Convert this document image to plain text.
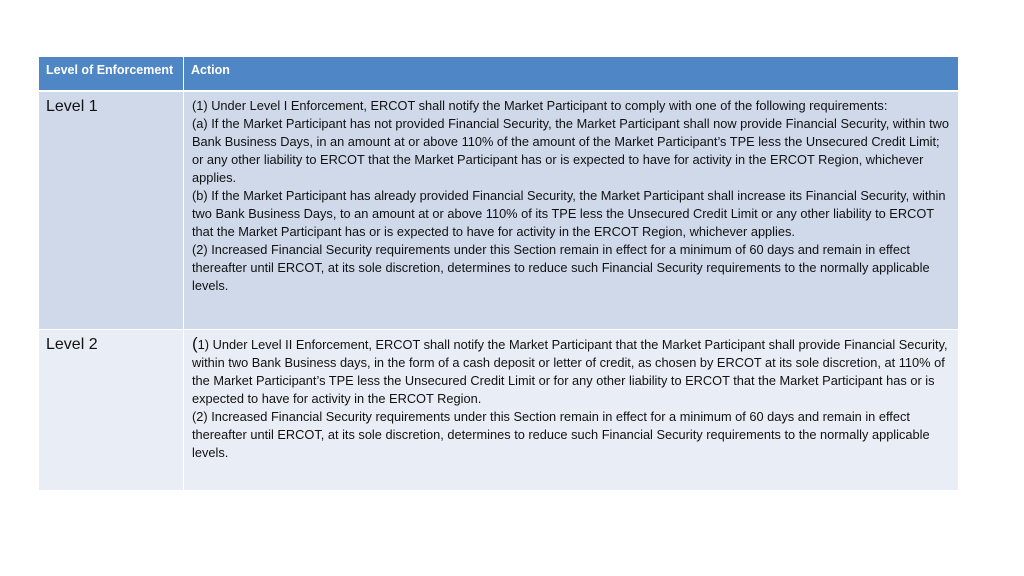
Level of Enforcement	Action
Level 1	(1) Under Level I Enforcement, ERCOT shall notify the Market Participant to comply with one of the following requirements:

(a) If the Market Participant has not provided Financial Security, the Market Participant shall now provide Financial Security, within two Bank Business Days, in an amount at or above 110% of the amount of the Market Participant’s TPE less the Unsecured Credit Limit; or any other liability to ERCOT that the Market Participant has or is expected to have for activity in the ERCOT Region, whichever applies.

(b) If the Market Participant has already provided Financial Security, the Market Participant shall increase its Financial Security, within two Bank Business Days, to an amount at or above 110% of its TPE less the Unsecured Credit Limit or any other liability to ERCOT that the Market Participant has or is expected to have for activity in the ERCOT Region, whichever applies.

(2) Increased Financial Security requirements under this Section remain in effect for a minimum of 60 days and remain in effect thereafter until ERCOT, at its sole discretion, determines to reduce such Financial Security requirements to the normally applicable levels.

Level 2	(1) Under Level II Enforcement, ERCOT shall notify the Market Participant that the Market Participant shall provide Financial Security, within two Bank Business days, in the form of a cash deposit or letter of credit, as chosen by ERCOT at its sole discretion, at 110% of the Market Participant’s TPE less the Unsecured Credit Limit or for any other liability to ERCOT that the Market Participant has or is expected to have for activity in the ERCOT Region.

(2) Increased Financial Security requirements under this Section remain in effect for a minimum of 60 days and remain in effect thereafter until ERCOT, at its sole discretion, determines to reduce such Financial Security requirements to the normally applicable levels.
